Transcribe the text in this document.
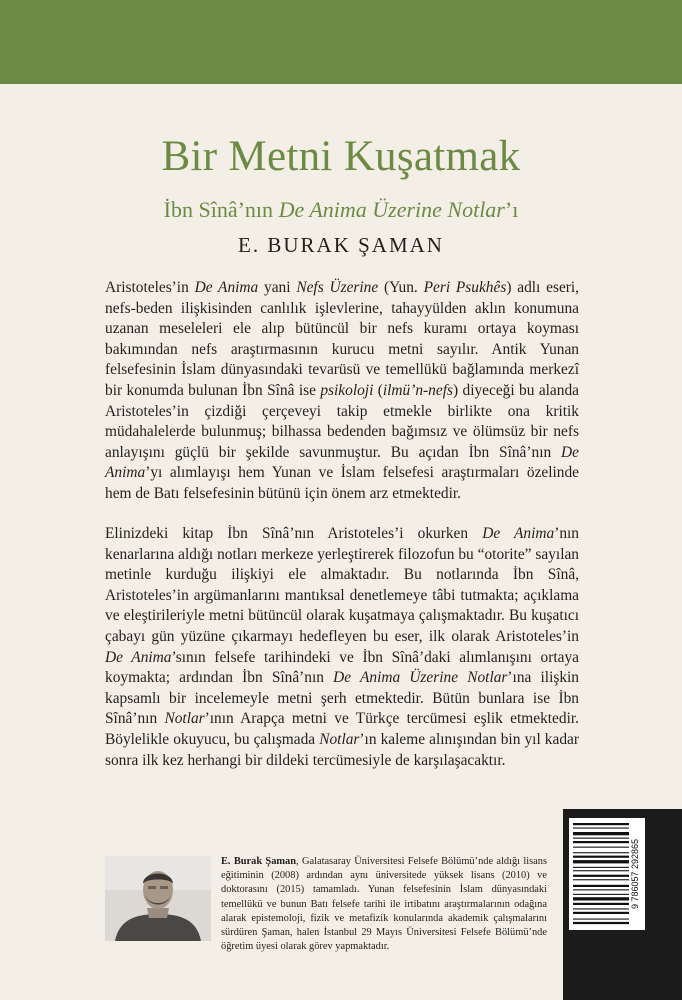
Bir Metni Kuşatmak

İbn Sînâ’nın De Anima Üzerine Notlar’ı

E. BURAK ŞAMAN

Aristoteles’in De Anima yani Nefs Üzerine (Yun. Peri Psukhês) adlı eseri, nefs-beden ilişkisinden canlılık işlevlerine, tahayyülden aklın konumuna uzanan meseleleri ele alıp bütüncül bir nefs kuramı ortaya koyması bakımından nefs araştırmasının kurucu metni sayılır. Antik Yunan felsefesinin İslam dünyasındaki tevarüsü ve temellükü bağlamında merkezî bir konumda bulunan İbn Sînâ ise psikoloji (ilmü’n-nefs) diyeceği bu alanda Aristoteles’in çizdiği çerçeveyi takip etmekle birlikte ona kritik müdahalelerde bulunmuş; bilhassa bedenden bağımsız ve ölümsüz bir nefs anlayışını güçlü bir şekilde savunmuştur. Bu açıdan İbn Sînâ’nın De Anima’yı alımlayışı hem Yunan ve İslam felsefesi araştırmaları özelinde hem de Batı felsefesinin bütünü için önem arz etmektedir.

Elinizdeki kitap İbn Sînâ’nın Aristoteles’i okurken De Anima’nın kenarlarına aldığı notları merkeze yerleştirerek filozofun bu “otorite” sayılan metinle kurduğu ilişkiyi ele almaktadır. Bu notlarında İbn Sînâ, Aristoteles’in argümanlarını mantıksal denetlemeye tâbi tutmakta; açıklama ve eleştirileriyle metni bütüncül olarak kuşatmaya çalışmaktadır. Bu kuşatıcı çabayı gün yüzüne çıkarmayı hedefleyen bu eser, ilk olarak Aristoteles’in De Anima’sının felsefe tarihindeki ve İbn Sînâ’daki alımlanışını ortaya koymakta; ardından İbn Sînâ’nın De Anima Üzerine Notlar’ına ilişkin kapsamlı bir incelemeyle metni şerh etmektedir. Bütün bunlara ise İbn Sînâ’nın Notlar’ının Arapça metni ve Türkçe tercümesi eşlik etmektedir. Böylelikle okuyucu, bu çalışmada Notlar’ın kaleme alınışından bin yıl kadar sonra ilk kez herhangi bir dildeki tercümesiyle de karşılaşacaktır.

E. Burak Şaman, Galatasaray Üniversitesi Felsefe Bölümü’nde aldığı lisans eğitiminin (2008) ardından aynı üniversitede yüksek lisans (2010) ve doktorasını (2015) tamamladı. Yunan felsefesinin İslam dünyasındaki temellükü ve bunun Batı felsefe tarihi ile irtibatını araştırmalarının odağına alarak epistemoloji, fizik ve metafizik konularında akademik çalışmalarını sürdüren Şaman, halen İstanbul 29 Mayıs Üniversitesi Felsefe Bölümü’nde öğretim üyesi olarak görev yapmaktadır.

9 786057 292865
